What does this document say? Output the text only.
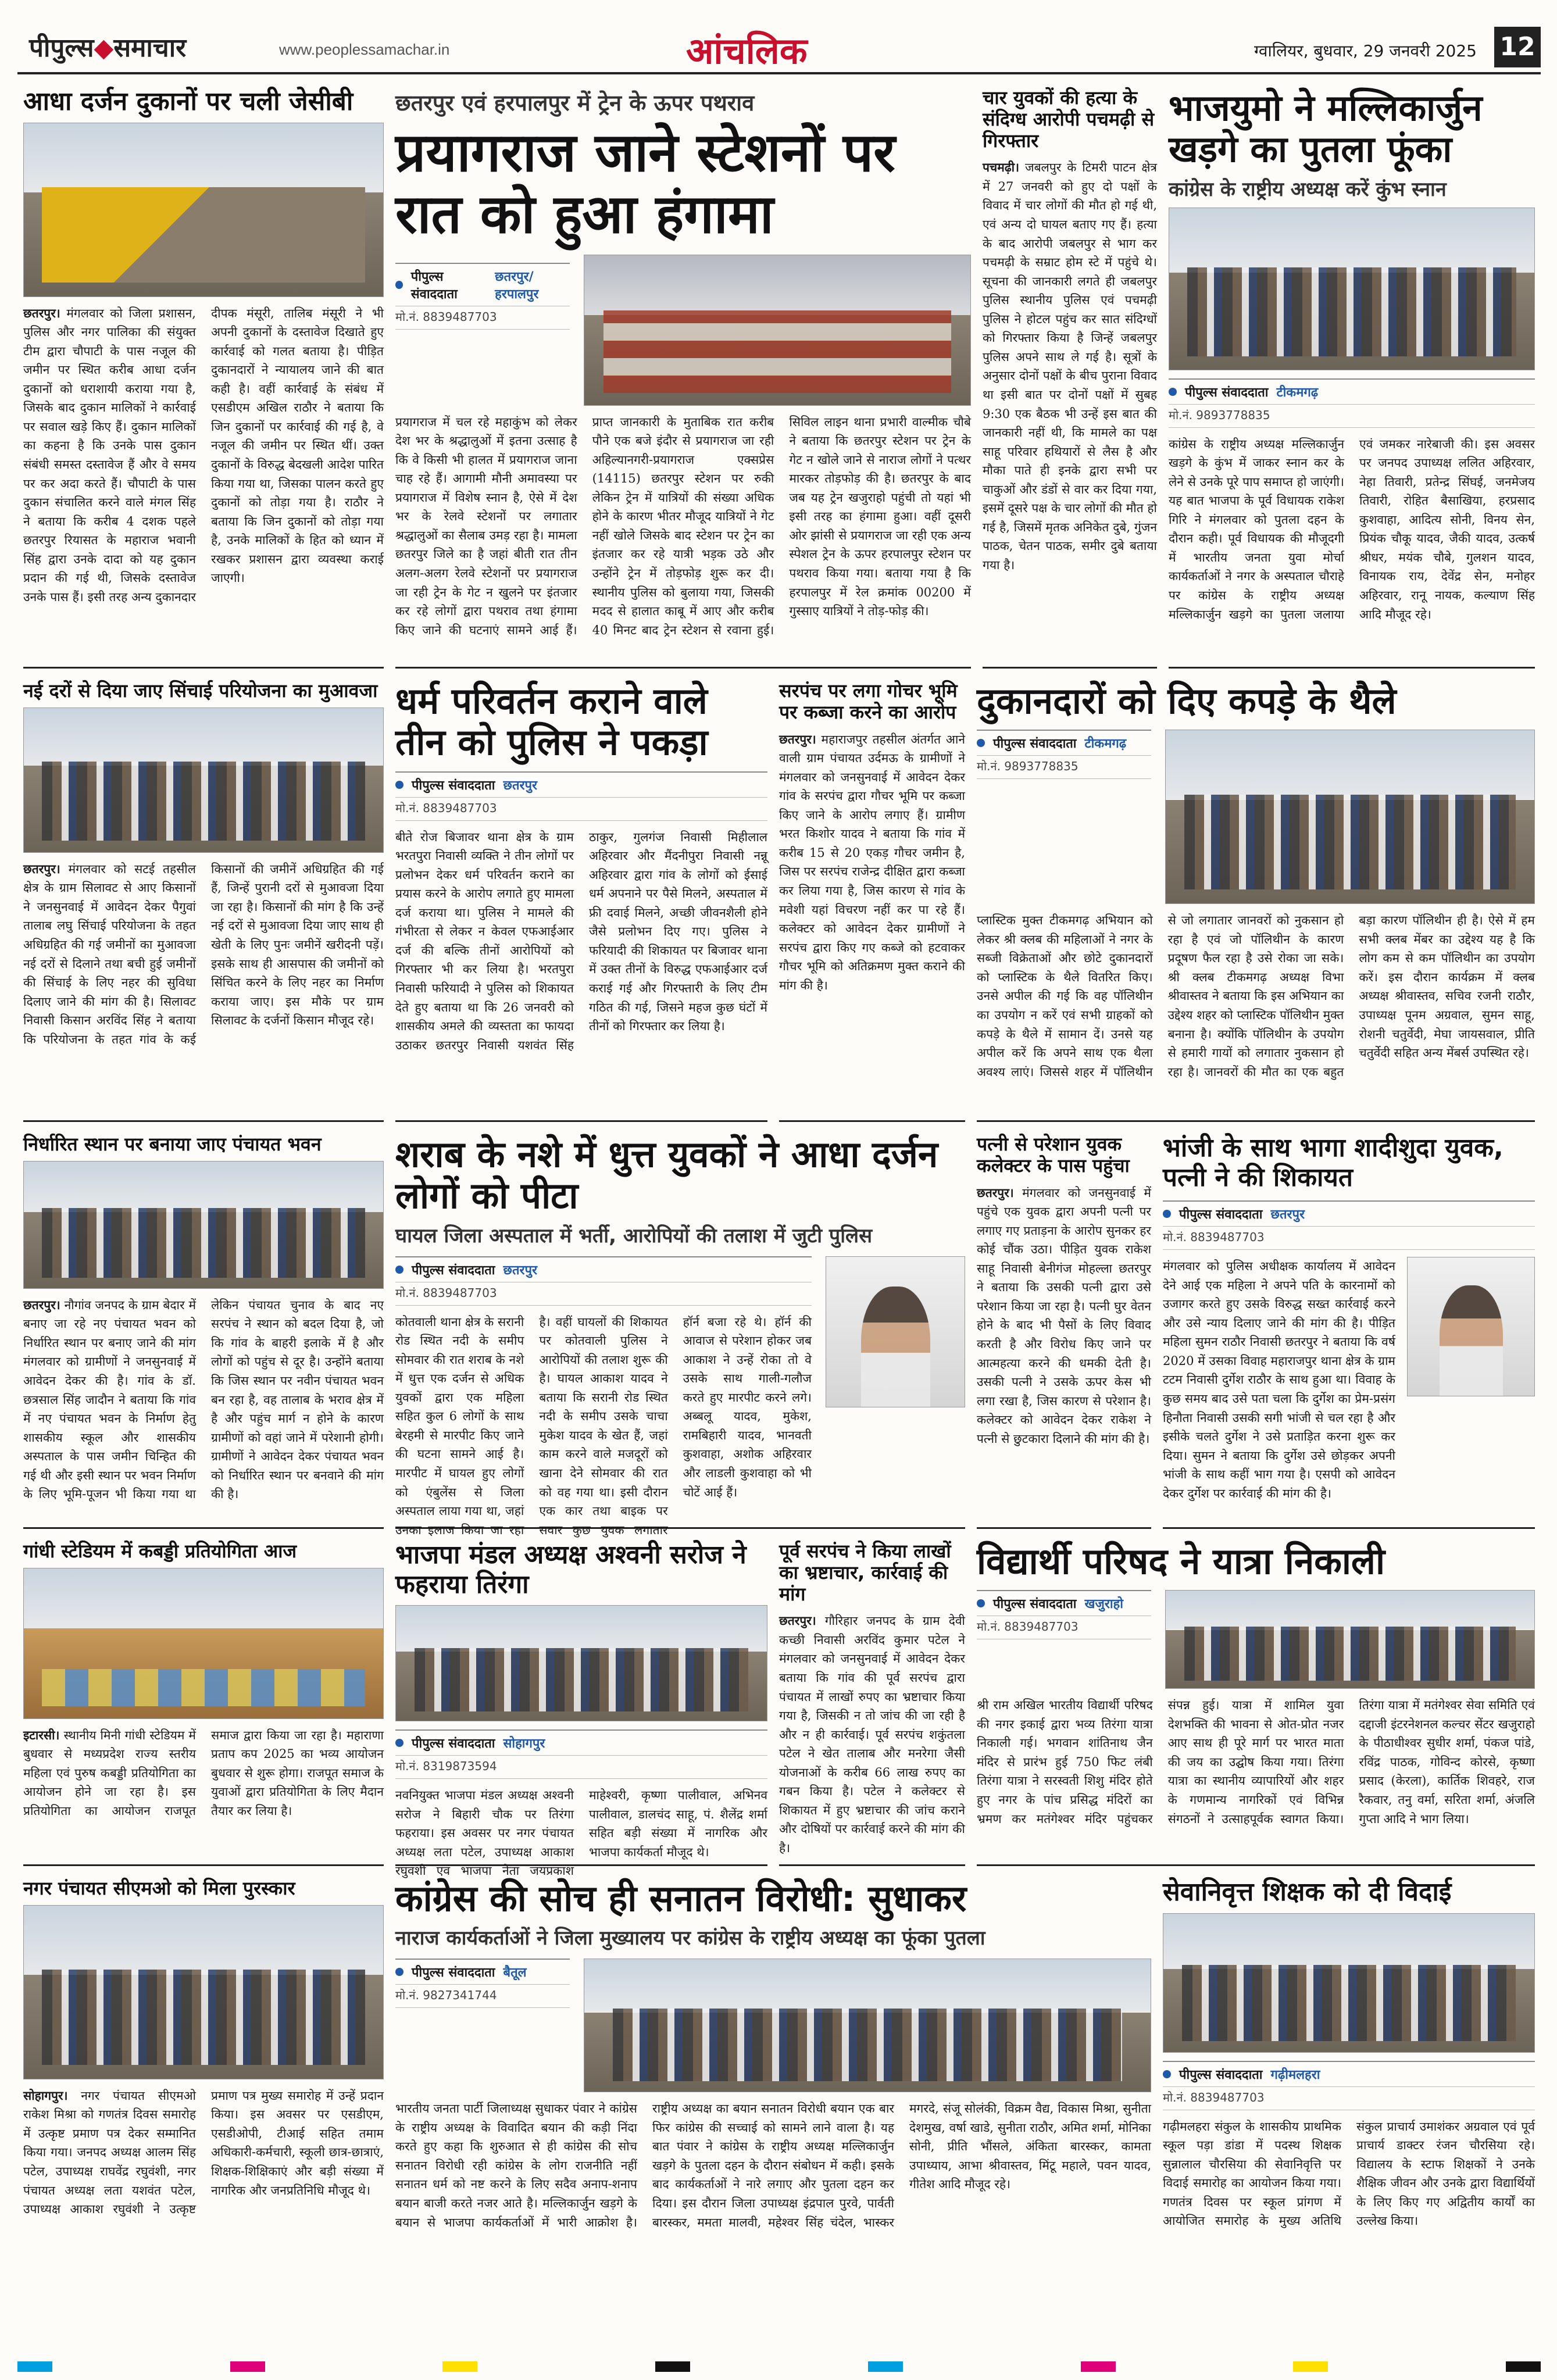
पीपुल्स◆समाचार	www.peoplessamachar.in	आंचलिक	ग्वालियर, बुधवार, 29 जनवरी 2025 12
आधा दर्जन दुकानों पर चली जेसीबी
छतरपुर। मंगलवार को जिला प्रशासन, पुलिस और नगर पालिका की संयुक्त टीम द्वारा चौपाटी के पास नजूल की जमीन पर स्थित करीब आधा दर्जन दुकानों को धराशायी कराया गया है, जिसके बाद दुकान मालिकों ने कार्रवाई पर सवाल खड़े किए हैं। दुकान मालिकों का कहना है कि उनके पास दुकान संबंधी समस्त दस्तावेज हैं और वे समय पर कर अदा करते हैं। चौपाटी के पास दुकान संचालित करने वाले मंगल सिंह ने बताया कि करीब 4 दशक पहले छतरपुर रियासत के महाराज भवानी सिंह द्वारा उनके दादा को यह दुकान प्रदान की गई थी, जिसके दस्तावेज उनके पास हैं। इसी तरह अन्य दुकानदार दीपक मंसूरी, तालिब मंसूरी ने भी अपनी दुकानों के दस्तावेज दिखाते हुए कार्रवाई को गलत बताया है। पीड़ित दुकानदारों ने न्यायालय जाने की बात कही है। वहीं कार्रवाई के संबंध में एसडीएम अखिल राठौर ने बताया कि जिन दुकानों पर कार्रवाई की गई है, वे नजूल की जमीन पर स्थित थीं। उक्त दुकानों के विरुद्ध बेदखली आदेश पारित किया गया था, जिसका पालन करते हुए दुकानों को तोड़ा गया है। राठौर ने बताया कि जिन दुकानों को तोड़ा गया है, उनके मालिकों के हित को ध्यान में रखकर प्रशासन द्वारा व्यवस्था कराई जाएगी।
छतरपुर एवं हरपालपुर में ट्रेन के ऊपर पथराव
प्रयागराज जाने स्टेशनों पर रात को हुआ हंगामा
पीपुल्स संवाददाता
छतरपुर/हरपालपुर
मो.नं. 8839487703
प्रयागराज में चल रहे महाकुंभ को लेकर देश भर के श्रद्धालुओं में इतना उत्साह है कि वे किसी भी हालत में प्रयागराज जाना चाह रहे हैं। आगामी मौनी अमावस्या पर प्रयागराज में विशेष स्नान है, ऐसे में देश भर के रेलवे स्टेशनों पर लगातार श्रद्धालुओं का सैलाब उमड़ रहा है। मामला छतरपुर जिले का है जहां बीती रात तीन अलग-अलग रेलवे स्टेशनों पर प्रयागराज जा रही ट्रेन के गेट न खुलने पर इंतजार कर रहे लोगों द्वारा पथराव तथा हंगामा किए जाने की घटनाएं सामने आई हैं। प्राप्त जानकारी के मुताबिक रात करीब पौने एक बजे इंदौर से प्रयागराज जा रही अहिल्यानगरी-प्रयागराज एक्सप्रेस (14115) छतरपुर स्टेशन पर रुकी लेकिन ट्रेन में यात्रियों की संख्या अधिक होने के कारण भीतर मौजूद यात्रियों ने गेट नहीं खोले जिसके बाद स्टेशन पर ट्रेन का इंतजार कर रहे यात्री भड़क उठे और उन्होंने ट्रेन में तोड़फोड़ शुरू कर दी। स्थानीय पुलिस को बुलाया गया, जिसकी मदद से हालात काबू में आए और करीब 40 मिनट बाद ट्रेन स्टेशन से रवाना हुई। सिविल लाइन थाना प्रभारी वाल्मीक चौबे ने बताया कि छतरपुर स्टेशन पर ट्रेन के गेट न खोले जाने से नाराज लोगों ने पत्थर मारकर तोड़फोड़ की है। छतरपुर के बाद जब यह ट्रेन खजुराहो पहुंची तो यहां भी इसी तरह का हंगामा हुआ। वहीं दूसरी ओर झांसी से प्रयागराज जा रही एक अन्य स्पेशल ट्रेन के ऊपर हरपालपुर स्टेशन पर पथराव किया गया। बताया गया है कि हरपालपुर में रेल क्रमांक 00200 में गुस्साए यात्रियों ने तोड़-फोड़ की।
चार युवकों की हत्या के संदिग्ध आरोपी पचमढ़ी से गिरफ्तार
पचमढ़ी। जबलपुर के टिमरी पाटन क्षेत्र में 27 जनवरी को हुए दो पक्षों के विवाद में चार लोगों की मौत हो गई थी, एवं अन्य दो घायल बताए गए हैं। हत्या के बाद आरोपी जबलपुर से भाग कर पचमढ़ी के सम्राट होम स्टे में पहुंचे थे। सूचना की जानकारी लगते ही जबलपुर पुलिस स्थानीय पुलिस एवं पचमढ़ी पुलिस ने होटल पहुंच कर सात संदिग्धों को गिरफ्तार किया है जिन्हें जबलपुर पुलिस अपने साथ ले गई है। सूत्रों के अनुसार दोनों पक्षों के बीच पुराना विवाद था इसी बात पर दोनों पक्षों में सुबह 9:30 एक बैठक भी उन्हें इस बात की जानकारी नहीं थी, कि मामले का पक्ष साहू परिवार हथियारों से लैस है और मौका पाते ही इनके द्वारा सभी पर चाकुओं और डंडों से वार कर दिया गया, इसमें दूसरे पक्ष के चार लोगों की मौत हो गई है, जिसमें मृतक अनिकेत दुबे, गुंजन पाठक, चेतन पाठक, समीर दुबे बताया गया है।
भाजयुमो ने मल्लिकार्जुन खड़गे का पुतला फूंका
कांग्रेस के राष्ट्रीय अध्यक्ष करें कुंभ स्नान
पीपुल्स संवाददाता टीकमगढ़
मो.नं. 9893778835
कांग्रेस के राष्ट्रीय अध्यक्ष मल्लिकार्जुन खड़गे के कुंभ में जाकर स्नान कर के लेने से उनके पूरे पाप समाप्त हो जाएंगी। यह बात भाजपा के पूर्व विधायक राकेश गिरि ने मंगलवार को पुतला दहन के दौरान कही। पूर्व विधायक की मौजूदगी में भारतीय जनता युवा मोर्चा कार्यकर्ताओं ने नगर के अस्पताल चौराहे पर कांग्रेस के राष्ट्रीय अध्यक्ष मल्लिकार्जुन खड़गे का पुतला जलाया एवं जमकर नारेबाजी की। इस अवसर पर जनपद उपाध्यक्ष ललित अहिरवार, नेहा तिवारी, प्रतेन्द्र सिंघई, जनमेजय तिवारी, रोहित बैसाखिया, हरप्रसाद कुशवाहा, आदित्य सोनी, विनय सेन, प्रियंक चौकू यादव, जैकी यादव, उत्कर्ष श्रीधर, मयंक चौबे, गुलशन यादव, विनायक राय, देवेंद्र सेन, मनोहर अहिरवार, रानू नायक, कल्याण सिंह आदि मौजूद रहे।
नई दरों से दिया जाए सिंचाई परियोजना का मुआवजा
छतरपुर। मंगलवार को सटई तहसील क्षेत्र के ग्राम सिलावट से आए किसानों ने जनसुनवाई में आवेदन देकर पैगुवां तालाब लघु सिंचाई परियोजना के तहत अधिग्रहित की गई जमीनों का मुआवजा नई दरों से दिलाने तथा बची हुई जमीनों की सिंचाई के लिए नहर की सुविधा दिलाए जाने की मांग की है। सिलावट निवासी किसान अरविंद सिंह ने बताया कि परियोजना के तहत गांव के कई किसानों की जमीनें अधिग्रहित की गई हैं, जिन्हें पुरानी दरों से मुआवजा दिया जा रहा है। किसानों की मांग है कि उन्हें नई दरों से मुआवजा दिया जाए साथ ही खेती के लिए पुनः जमीनें खरीदनी पड़ें। इसके साथ ही आसपास की जमीनों को सिंचित करने के लिए नहर का निर्माण कराया जाए। इस मौके पर ग्राम सिलावट के दर्जनों किसान मौजूद रहे।
धर्म परिवर्तन कराने वाले तीन को पुलिस ने पकड़ा
पीपुल्स संवाददाता छतरपुर
मो.नं. 8839487703
बीते रोज बिजावर थाना क्षेत्र के ग्राम भरतपुरा निवासी व्यक्ति ने तीन लोगों पर प्रलोभन देकर धर्म परिवर्तन कराने का प्रयास करने के आरोप लगाते हुए मामला दर्ज कराया था। पुलिस ने मामले की गंभीरता से लेकर न केवल एफआईआर दर्ज की बल्कि तीनों आरोपियों को गिरफ्तार भी कर लिया है। भरतपुरा निवासी फरियादी ने पुलिस को शिकायत देते हुए बताया था कि 26 जनवरी को शासकीय अमले की व्यस्तता का फायदा उठाकर छतरपुर निवासी यशवंत सिंह ठाकुर, गुलगंज निवासी मिहीलाल अहिरवार और मैंदनीपुरा निवासी नन्नू अहिरवार द्वारा गांव के लोगों को ईसाई धर्म अपनाने पर पैसे मिलने, अस्पताल में फ्री दवाई मिलने, अच्छी जीवनशैली होने जैसे प्रलोभन दिए गए। पुलिस ने फरियादी की शिकायत पर बिजावर थाना में उक्त तीनों के विरुद्ध एफआईआर दर्ज कराई गई और गिरफ्तारी के लिए टीम गठित की गई, जिसने महज कुछ घंटों में तीनों को गिरफ्तार कर लिया है।
सरपंच पर लगा गोचर भूमि पर कब्जा करने का आरोप
छतरपुर। महाराजपुर तहसील अंतर्गत आने वाली ग्राम पंचायत उर्दमऊ के ग्रामीणों ने मंगलवार को जनसुनवाई में आवेदन देकर गांव के सरपंच द्वारा गौचर भूमि पर कब्जा किए जाने के आरोप लगाए हैं। ग्रामीण भरत किशोर यादव ने बताया कि गांव में करीब 15 से 20 एकड़ गौचर जमीन है, जिस पर सरपंच राजेन्द्र दीक्षित द्वारा कब्जा कर लिया गया है, जिस कारण से गांव के मवेशी यहां विचरण नहीं कर पा रहे हैं। कलेक्टर को आवेदन देकर ग्रामीणों ने सरपंच द्वारा किए गए कब्जे को हटवाकर गौचर भूमि को अतिक्रमण मुक्त कराने की मांग की है।
दुकानदारों को दिए कपड़े के थैले
पीपुल्स संवाददाता टीकमगढ़
मो.नं. 9893778835
प्लास्टिक मुक्त टीकमगढ़ अभियान को लेकर श्री क्लब की महिलाओं ने नगर के सब्जी विक्रेताओं और छोटे दुकानदारों को प्लास्टिक के थैले वितरित किए। उनसे अपील की गई कि वह पॉलिथीन का उपयोग न करें एवं सभी ग्राहकों को कपड़े के थैले में सामान दें। उनसे यह अपील करें कि अपने साथ एक थैला अवश्य लाएं। जिससे शहर में पॉलिथीन से जो लगातार जानवरों को नुकसान हो रहा है एवं जो पॉलिथीन के कारण प्रदूषण फैल रहा है उसे रोका जा सके। श्री क्लब टीकमगढ़ अध्यक्ष विभा श्रीवास्तव ने बताया कि इस अभियान का उद्देश्य शहर को प्लास्टिक पॉलिथीन मुक्त बनाना है। क्योंकि पॉलिथीन के उपयोग से हमारी गायों को लगातार नुकसान हो रहा है। जानवरों की मौत का एक बहुत बड़ा कारण पॉलिथीन ही है। ऐसे में हम सभी क्लब मेंबर का उद्देश्य यह है कि लोग कम से कम पॉलिथीन का उपयोग करें। इस दौरान कार्यक्रम में क्लब अध्यक्ष श्रीवास्तव, सचिव रजनी राठौर, उपाध्यक्ष पूनम अग्रवाल, सुमन साहू, रोशनी चतुर्वेदी, मेघा जायसवाल, प्रीति चतुर्वेदी सहित अन्य मेंबर्स उपस्थित रहे।
निर्धारित स्थान पर बनाया जाए पंचायत भवन
छतरपुर। नौगांव जनपद के ग्राम बेदार में बनाए जा रहे नए पंचायत भवन को निर्धारित स्थान पर बनाए जाने की मांग मंगलवार को ग्रामीणों ने जनसुनवाई में आवेदन देकर की है। गांव के डॉ. छत्रसाल सिंह जादौन ने बताया कि गांव में नए पंचायत भवन के निर्माण हेतु शासकीय स्कूल और शासकीय अस्पताल के पास जमीन चिन्हित की गई थी और इसी स्थान पर भवन निर्माण के लिए भूमि-पूजन भी किया गया था लेकिन पंचायत चुनाव के बाद नए सरपंच ने स्थान को बदल दिया है, जो कि गांव के बाहरी इलाके में है और लोगों को पहुंच से दूर है। उन्होंने बताया कि जिस स्थान पर नवीन पंचायत भवन बन रहा है, वह तालाब के भराव क्षेत्र में है और पहुंच मार्ग न होने के कारण ग्रामीणों को वहां जाने में परेशानी होगी। ग्रामीणों ने आवेदन देकर पंचायत भवन को निर्धारित स्थान पर बनवाने की मांग की है।
शराब के नशे में धुत्त युवकों ने आधा दर्जन लोगों को पीटा
घायल जिला अस्पताल में भर्ती, आरोपियों की तलाश में जुटी पुलिस
पीपुल्स संवाददाता छतरपुर
मो.नं. 8839487703
कोतवाली थाना क्षेत्र के सरानी रोड स्थित नदी के समीप सोमवार की रात शराब के नशे में धुत्त एक दर्जन से अधिक युवकों द्वारा एक महिला सहित कुल 6 लोगों के साथ बेरहमी से मारपीट किए जाने की घटना सामने आई है। मारपीट में घायल हुए लोगों को एंबुलेंस से जिला अस्पताल लाया गया था, जहां उनका इलाज किया जा रहा है। वहीं घायलों की शिकायत पर कोतवाली पुलिस ने आरोपियों की तलाश शुरू की है। घायल आकाश यादव ने बताया कि सरानी रोड स्थित नदी के समीप उसके चाचा मुकेश यादव के खेत हैं, जहां काम करने वाले मजदूरों को खाना देने सोमवार की रात को वह गया था। इसी दौरान एक कार तथा बाइक पर सवार कुछ युवक लगातार हॉर्न बजा रहे थे। हॉर्न की आवाज से परेशान होकर जब आकाश ने उन्हें रोका तो वे उसके साथ गाली-गलौज करते हुए मारपीट करने लगे। अब्बलू यादव, मुकेश, रामबिहारी यादव, भानवती कुशवाहा, अशोक अहिरवार और लाडली कुशवाहा को भी चोटें आई हैं।
पत्नी से परेशान युवक कलेक्टर के पास पहुंचा
छतरपुर। मंगलवार को जनसुनवाई में पहुंचे एक युवक द्वारा अपनी पत्नी पर लगाए गए प्रताड़ना के आरोप सुनकर हर कोई चौंक उठा। पीड़ित युवक राकेश साहू निवासी बेनीगंज मोहल्ला छतरपुर ने बताया कि उसकी पत्नी द्वारा उसे परेशान किया जा रहा है। पत्नी घुर वेतन होने के बाद भी पैसों के लिए विवाद करती है और विरोध किए जाने पर आत्महत्या करने की धमकी देती है। उसकी पत्नी ने उसके ऊपर केस भी लगा रखा है, जिस कारण से परेशान है। कलेक्टर को आवेदन देकर राकेश ने पत्नी से छुटकारा दिलाने की मांग की है।
भांजी के साथ भागा शादीशुदा युवक, पत्नी ने की शिकायत
पीपुल्स संवाददाता छतरपुर
मो.नं. 8839487703
मंगलवार को पुलिस अधीक्षक कार्यालय में आवेदन देने आई एक महिला ने अपने पति के कारनामों को उजागर करते हुए उसके विरुद्ध सख्त कार्रवाई करने और उसे न्याय दिलाए जाने की मांग की है। पीड़ित महिला सुमन राठौर निवासी छतरपुर ने बताया कि वर्ष 2020 में उसका विवाह महाराजपुर थाना क्षेत्र के ग्राम टटम निवासी दुर्गेश राठौर के साथ हुआ था। विवाह के कुछ समय बाद उसे पता चला कि दुर्गेश का प्रेम-प्रसंग हिनौता निवासी उसकी सगी भांजी से चल रहा है और इसीके चलते दुर्गेश ने उसे प्रताड़ित करना शुरू कर दिया। सुमन ने बताया कि दुर्गेश उसे छोड़कर अपनी भांजी के साथ कहीं भाग गया है। एसपी को आवेदन देकर दुर्गेश पर कार्रवाई की मांग की है।
गांधी स्टेडियम में कबड्डी प्रतियोगिता आज
इटारसी। स्थानीय मिनी गांधी स्टेडियम में बुधवार से मध्यप्रदेश राज्य स्तरीय महिला एवं पुरुष कबड्डी प्रतियोगिता का आयोजन होने जा रहा है। इस प्रतियोगिता का आयोजन राजपूत समाज द्वारा किया जा रहा है। महाराणा प्रताप कप 2025 का भव्य आयोजन बुधवार से शुरू होगा। राजपूत समाज के युवाओं द्वारा प्रतियोगिता के लिए मैदान तैयार कर लिया है।
भाजपा मंडल अध्यक्ष अश्वनी सरोज ने फहराया तिरंगा
पीपुल्स संवाददाता सोहागपुर
मो.नं. 8319873594
नवनियुक्त भाजपा मंडल अध्यक्ष अश्वनी सरोज ने बिहारी चौक पर तिरंगा फहराया। इस अवसर पर नगर पंचायत अध्यक्ष लता पटेल, उपाध्यक्ष आकाश रघुवंशी एवं भाजपा नेता जयप्रकाश माहेश्वरी, कृष्णा पालीवाल, अभिनव पालीवाल, डालचंद साहू, पं. शैलेंद्र शर्मा सहित बड़ी संख्या में नागरिक और भाजपा कार्यकर्ता मौजूद थे।
पूर्व सरपंच ने किया लाखों का भ्रष्टाचार, कार्रवाई की मांग
छतरपुर। गौरिहार जनपद के ग्राम देवी कच्छी निवासी अरविंद कुमार पटेल ने मंगलवार को जनसुनवाई में आवेदन देकर बताया कि गांव की पूर्व सरपंच द्वारा पंचायत में लाखों रुपए का भ्रष्टाचार किया गया है, जिसकी न तो जांच की जा रही है और न ही कार्रवाई। पूर्व सरपंच शकुंतला पटेल ने खेत तालाब और मनरेगा जैसी योजनाओं के करीब 66 लाख रुपए का गबन किया है। पटेल ने कलेक्टर से शिकायत में हुए भ्रष्टाचार की जांच कराने और दोषियों पर कार्रवाई करने की मांग की है।
विद्यार्थी परिषद ने यात्रा निकाली
पीपुल्स संवाददाता खजुराहो
मो.नं. 8839487703
श्री राम अखिल भारतीय विद्यार्थी परिषद की नगर इकाई द्वारा भव्य तिरंगा यात्रा निकाली गई। भगवान शांतिनाथ जैन मंदिर से प्रारंभ हुई 750 फिट लंबी तिरंगा यात्रा ने सरस्वती शिशु मंदिर होते हुए नगर के पांच प्रसिद्ध मंदिरों का भ्रमण कर मतंगेश्वर मंदिर पहुंचकर संपन्न हुई। यात्रा में शामिल युवा देशभक्ति की भावना से ओत-प्रोत नजर आए साथ ही पूरे मार्ग पर भारत माता की जय का उद्घोष किया गया। तिरंगा यात्रा का स्थानीय व्यापारियों और शहर के गणमान्य नागरिकों एवं विभिन्न संगठनों ने उत्साहपूर्वक स्वागत किया। तिरंगा यात्रा में मतंगेश्वर सेवा समिति एवं दद्दाजी इंटरनेशनल कल्चर सेंटर खजुराहो के पीठाधीश्वर सुधीर शर्मा, पंकज पांडे, रविंद्र पाठक, गोविन्द कोरसे, कृष्णा प्रसाद (केरला), कार्तिक शिवहरे, राज रैकवार, तनु वर्मा, सरिता शर्मा, अंजलि गुप्ता आदि ने भाग लिया।
नगर पंचायत सीएमओ को मिला पुरस्कार
सोहागपुर। नगर पंचायत सीएमओ राकेश मिश्रा को गणतंत्र दिवस समारोह में उत्कृष्ट प्रमाण पत्र देकर सम्मानित किया गया। जनपद अध्यक्ष आलम सिंह पटेल, उपाध्यक्ष राघवेंद्र रघुवंशी, नगर पंचायत अध्यक्ष लता यशवंत पटेल, उपाध्यक्ष आकाश रघुवंशी ने उत्कृष्ट प्रमाण पत्र मुख्य समारोह में उन्हें प्रदान किया। इस अवसर पर एसडीएम, एसडीओपी, टीआई सहित तमाम अधिकारी-कर्मचारी, स्कूली छात्र-छात्राएं, शिक्षक-शिक्षिकाएं और बड़ी संख्या में नागरिक और जनप्रतिनिधि मौजूद थे।
कांग्रेस की सोच ही सनातन विरोधी: सुधाकर
नाराज कार्यकर्ताओं ने जिला मुख्यालय पर कांग्रेस के राष्ट्रीय अध्यक्ष का फूंका पुतला
पीपुल्स संवाददाता बैतूल
मो.नं. 9827341744
भारतीय जनता पार्टी जिलाध्यक्ष सुधाकर पंवार ने कांग्रेस के राष्ट्रीय अध्यक्ष के विवादित बयान की कड़ी निंदा करते हुए कहा कि शुरुआत से ही कांग्रेस की सोच सनातन विरोधी रही कांग्रेस के लोग राजनीति नहीं सनातन धर्म को नष्ट करने के लिए सदैव अनाप-शनाप बयान बाजी करते नजर आते है। मल्लिकार्जुन खड़गे के बयान से भाजपा कार्यकर्ताओं में भारी आक्रोश है। राष्ट्रीय अध्यक्ष का बयान सनातन विरोधी बयान एक बार फिर कांग्रेस की सच्चाई को सामने लाने वाला है। यह बात पंवार ने कांग्रेस के राष्ट्रीय अध्यक्ष मल्लिकार्जुन खड़गे के पुतला दहन के दौरान संबोधन में कही। इसके बाद कार्यकर्ताओं ने नारे लगाए और पुतला दहन कर दिया। इस दौरान जिला उपाध्यक्ष इंद्रपाल पुरवे, पार्वती बारस्कर, ममता मालवी, महेश्वर सिंह चंदेल, भास्कर मगरदे, संजू सोलंकी, विक्रम वैद्य, विकास मिश्रा, सुनीता देशमुख, वर्षा खाडे, सुनीता राठौर, अमित शर्मा, मोनिका सोनी, प्रीति भौंसले, अंकिता बारस्कर, कामता उपाध्याय, आभा श्रीवास्तव, मिंटू महाले, पवन यादव, गीतेश आदि मौजूद रहे।
सेवानिवृत्त शिक्षक को दी विदाई
पीपुल्स संवाददाता गढ़ीमलहरा
मो.नं. 8839487703
गढ़ीमलहरा संकुल के शासकीय प्राथमिक स्कूल पड़ा डांडा में पदस्थ शिक्षक सुन्नालाल चौरसिया की सेवानिवृत्ति पर विदाई समारोह का आयोजन किया गया। गणतंत्र दिवस पर स्कूल प्रांगण में आयोजित समारोह के मुख्य अतिथि संकुल प्राचार्य उमाशंकर अग्रवाल एवं पूर्व प्राचार्य डाक्टर रंजन चौरसिया रहे। विद्यालय के स्टाफ शिक्षकों ने उनके शैक्षिक जीवन और उनके द्वारा विद्यार्थियों के लिए किए गए अद्वितीय कार्यों का उल्लेख किया।
